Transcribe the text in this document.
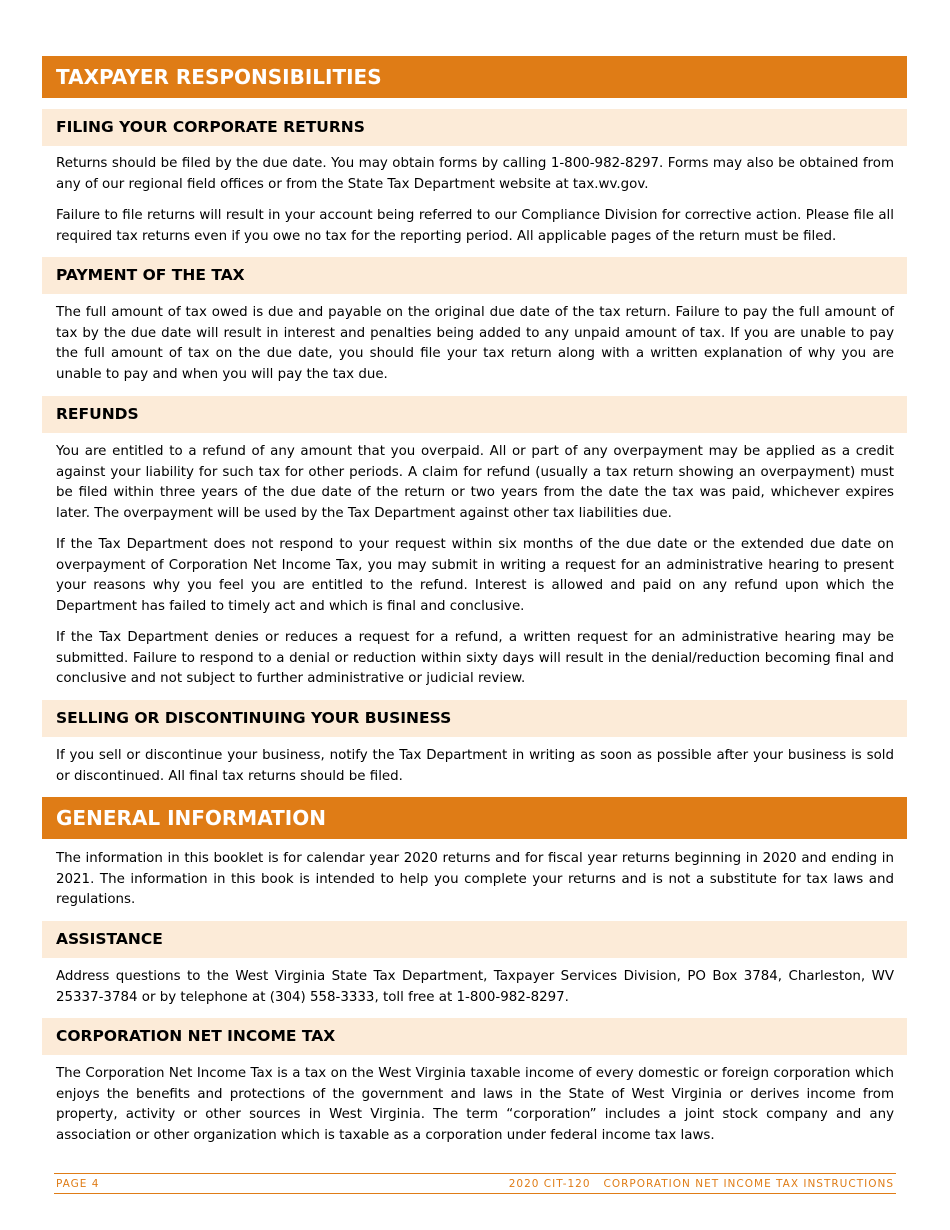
TAXPAYER RESPONSIBILITIES
FILING YOUR CORPORATE RETURNS

Returns should be filed by the due date. You may obtain forms by calling 1-800-982-8297. Forms may also be obtained from any of our regional field offices or from the State Tax Department website at tax.wv.gov.

Failure to file returns will result in your account being referred to our Compliance Division for corrective action. Please file all required tax returns even if you owe no tax for the reporting period. All applicable pages of the return must be filed.

PAYMENT OF THE TAX

The full amount of tax owed is due and payable on the original due date of the tax return. Failure to pay the full amount of tax by the due date will result in interest and penalties being added to any unpaid amount of tax. If you are unable to pay the full amount of tax on the due date, you should file your tax return along with a written explanation of why you are unable to pay and when you will pay the tax due.

REFUNDS

You are entitled to a refund of any amount that you overpaid. All or part of any overpayment may be applied as a credit against your liability for such tax for other periods. A claim for refund (usually a tax return showing an overpayment) must be filed within three years of the due date of the return or two years from the date the tax was paid, whichever expires later. The overpayment will be used by the Tax Department against other tax liabilities due.

If the Tax Department does not respond to your request within six months of the due date or the extended due date on overpayment of Corporation Net Income Tax, you may submit in writing a request for an administrative hearing to present your reasons why you feel you are entitled to the refund. Interest is allowed and paid on any refund upon which the Department has failed to timely act and which is final and conclusive.

If the Tax Department denies or reduces a request for a refund, a written request for an administrative hearing may be submitted. Failure to respond to a denial or reduction within sixty days will result in the denial/reduction becoming final and conclusive and not subject to further administrative or judicial review.

SELLING OR DISCONTINUING YOUR BUSINESS

If you sell or discontinue your business, notify the Tax Department in writing as soon as possible after your business is sold or discontinued. All final tax returns should be filed.

GENERAL INFORMATION

The information in this booklet is for calendar year 2020 returns and for fiscal year returns beginning in 2020 and ending in 2021. The information in this book is intended to help you complete your returns and is not a substitute for tax laws and regulations.

ASSISTANCE

Address questions to the West Virginia State Tax Department, Taxpayer Services Division, PO Box 3784, Charleston, WV 25337-3784 or by telephone at (304) 558-3333, toll free at 1-800-982-8297.

CORPORATION NET INCOME TAX

The Corporation Net Income Tax is a tax on the West Virginia taxable income of every domestic or foreign corporation which enjoys the benefits and protections of the government and laws in the State of West Virginia or derives income from property, activity or other sources in West Virginia. The term “corporation” includes a joint stock company and any association or other organization which is taxable as a corporation under federal income tax laws.

PAGE 4	2020 CIT-120   CORPORATION NET INCOME TAX INSTRUCTIONS
